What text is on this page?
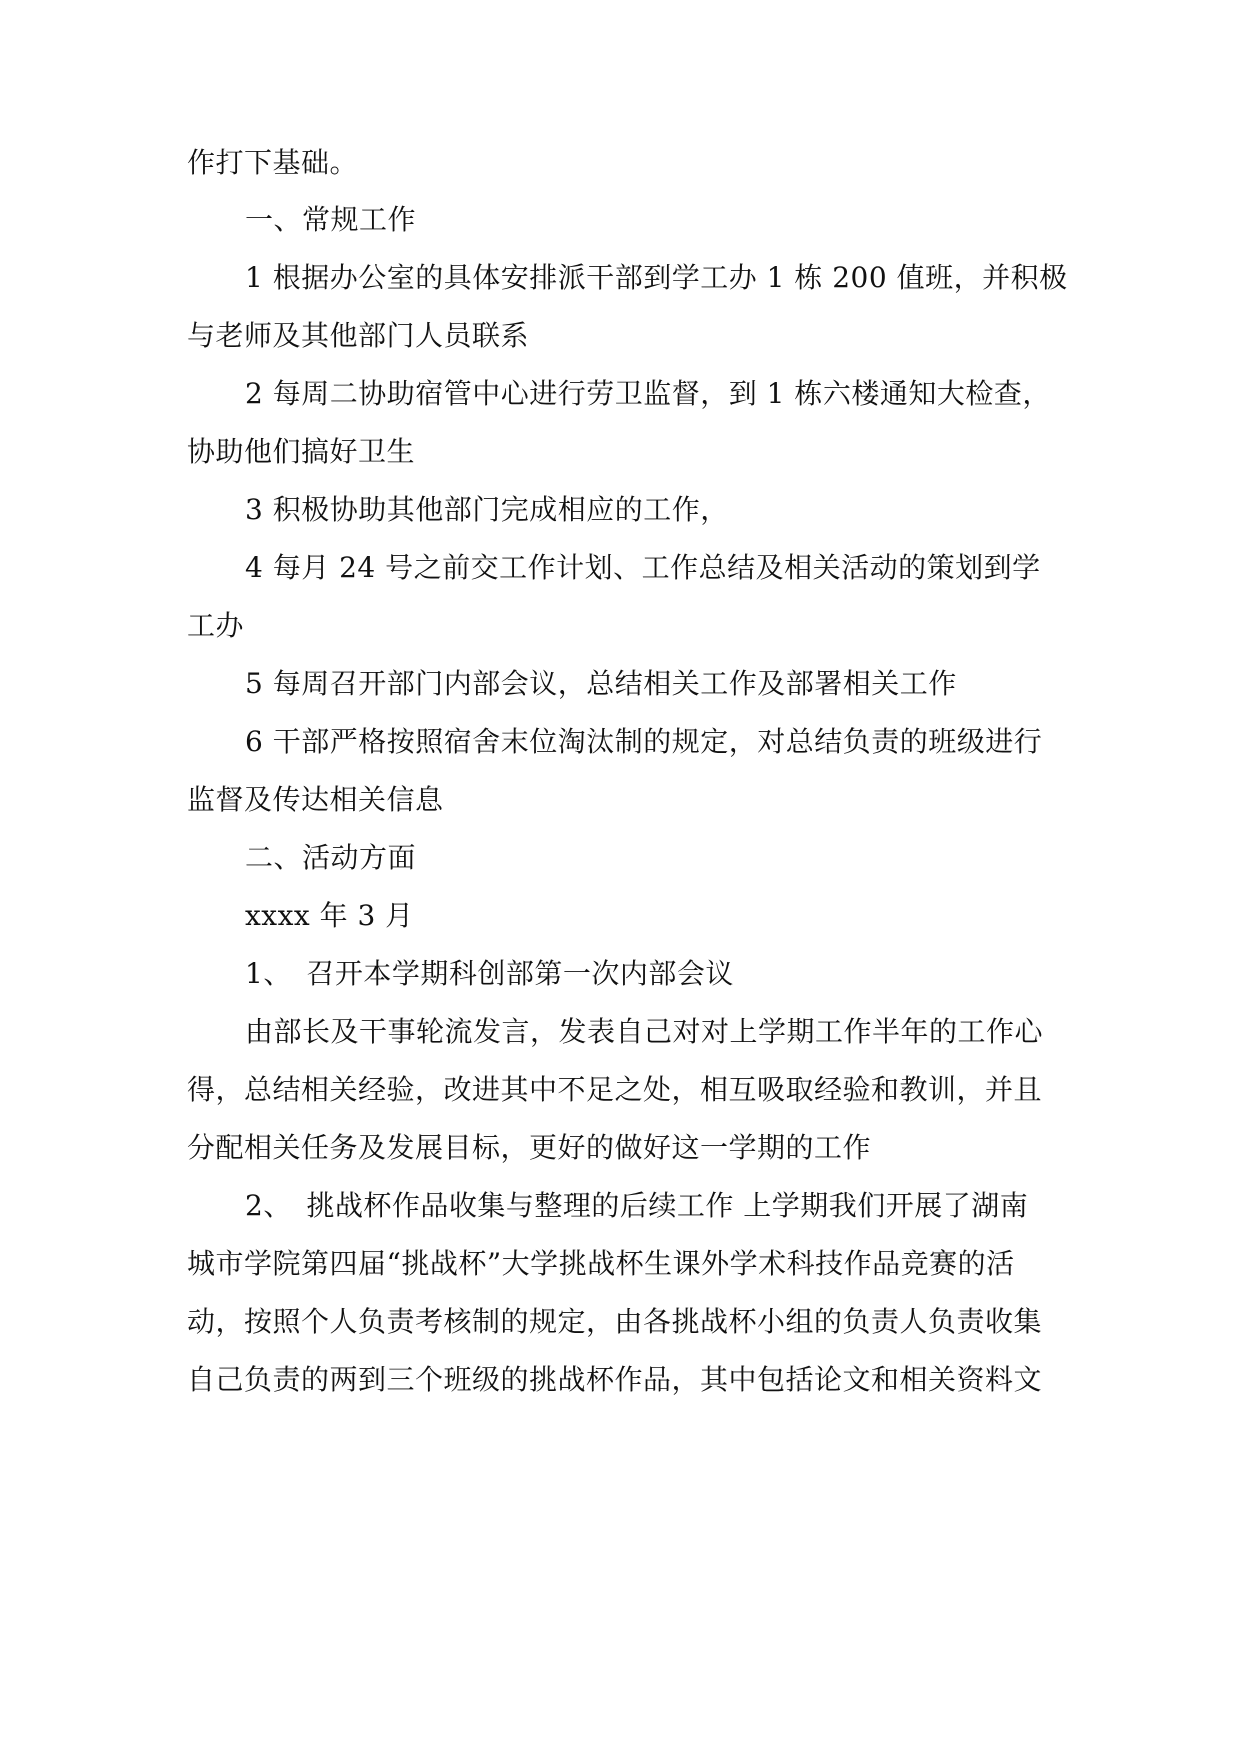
作打下基础。
一、常规工作
1 根据办公室的具体安排派干部到学工办 1 栋 200 值班，并积极
与老师及其他部门人员联系
2 每周二协助宿管中心进行劳卫监督，到 1 栋六楼通知大检查，
协助他们搞好卫生
3 积极协助其他部门完成相应的工作，
4 每月 24 号之前交工作计划、工作总结及相关活动的策划到学
工办
5 每周召开部门内部会议，总结相关工作及部署相关工作
6 干部严格按照宿舍末位淘汰制的规定，对总结负责的班级进行
监督及传达相关信息
二、活动方面
xxxx 年 3 月
1、　召开本学期科创部第一次内部会议
由部长及干事轮流发言，发表自己对对上学期工作半年的工作心
得，总结相关经验，改进其中不足之处，相互吸取经验和教训，并且
分配相关任务及发展目标，更好的做好这一学期的工作
2、　挑战杯作品收集与整理的后续工作 上学期我们开展了湖南
城市学院第四届“挑战杯”大学挑战杯生课外学术科技作品竞赛的活
动，按照个人负责考核制的规定，由各挑战杯小组的负责人负责收集
自己负责的两到三个班级的挑战杯作品，其中包括论文和相关资料文
